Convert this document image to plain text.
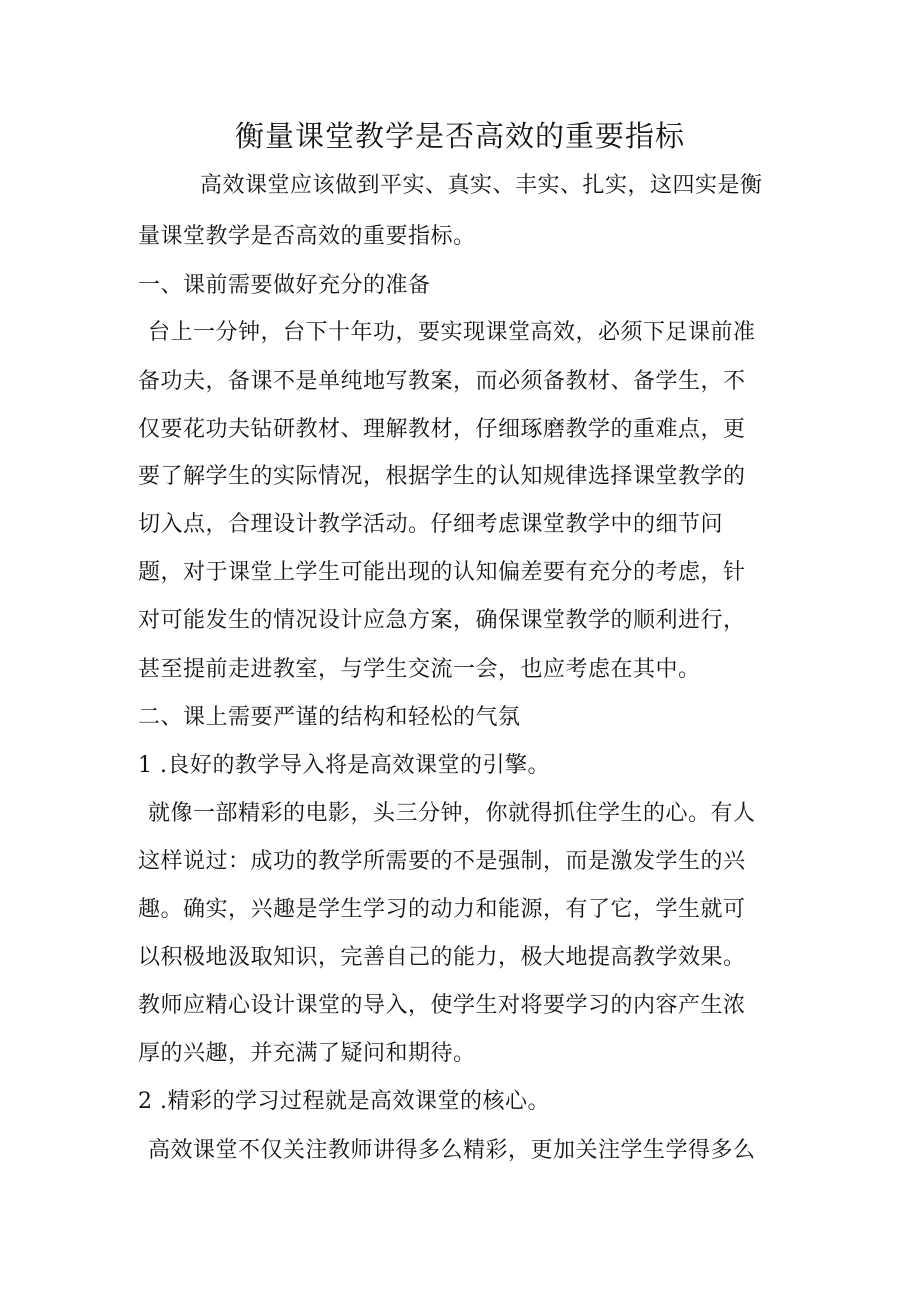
衡量课堂教学是否高效的重要指标
高效课堂应该做到平实、真实、丰实、扎实，这四实是衡
量课堂教学是否高效的重要指标。
一、课前需要做好充分的准备
台上一分钟，台下十年功，要实现课堂高效，必须下足课前准
备功夫，备课不是单纯地写教案，而必须备教材、备学生，不
仅要花功夫钻研教材、理解教材，仔细琢磨教学的重难点，更
要了解学生的实际情况，根据学生的认知规律选择课堂教学的
切入点，合理设计教学活动。仔细考虑课堂教学中的细节问
题，对于课堂上学生可能出现的认知偏差要有充分的考虑，针
对可能发生的情况设计应急方案，确保课堂教学的顺利进行，
甚至提前走进教室，与学生交流一会，也应考虑在其中。
二、课上需要严谨的结构和轻松的气氛
1 .良好的教学导入将是高效课堂的引擎。
就像一部精彩的电影，头三分钟，你就得抓住学生的心。有人
这样说过：成功的教学所需要的不是强制，而是激发学生的兴
趣。确实，兴趣是学生学习的动力和能源，有了它，学生就可
以积极地汲取知识，完善自己的能力，极大地提高教学效果。
教师应精心设计课堂的导入，使学生对将要学习的内容产生浓
厚的兴趣，并充满了疑问和期待。
2 .精彩的学习过程就是高效课堂的核心。
高效课堂不仅关注教师讲得多么精彩，更加关注学生学得多么
